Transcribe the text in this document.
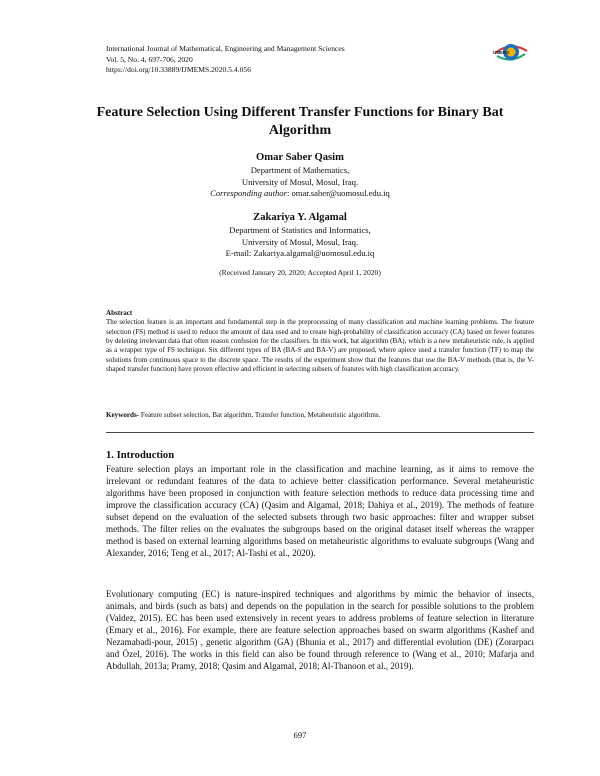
International Journal of Mathematical, Engineering and Management Sciences
Vol. 5, No. 4, 697-706, 2020
https://doi.org/10.33889/IJMEMS.2020.5.4.056
IJMEMS
Feature Selection Using Different Transfer Functions for Binary Bat Algorithm
Omar Saber Qasim
Department of Mathematics,
University of Mosul, Mosul, Iraq.
Corresponding author: omar.saber@uomosul.edu.iq
Zakariya Y. Algamal
Department of Statistics and Informatics,
University of Mosul, Mosul, Iraq.
E-mail: Zakariya.algamal@uomosul.edu.iq
(Received January 20, 2020; Accepted April 1, 2020)
Abstract
The selection feature is an important and fundamental step in the preprocessing of many classification and machine learning problems. The feature selection (FS) method is used to reduce the amount of data used and to create high-probability of classification accuracy (CA) based on fewer features by deleting irrelevant data that often reason confusion for the classifiers. In this work, bat algorithm (BA), which is a new metaheuristic rule, is applied as a wrapper type of FS technique. Six different types of BA (BA-S and BA-V) are proposed, where apiece used a transfer function (TF) to map the solutions from continuous space to the discrete space. The results of the experiment show that the features that use the BA-V methods (that is, the V-shaped transfer function) have proven effective and efficient in selecting subsets of features with high classification accuracy.
Keywords- Feature subset selection, Bat algorithm, Transfer function, Metaheuristic algorithms.
1. Introduction
Feature selection plays an important role in the classification and machine learning, as it aims to remove the irrelevant or redundant features of the data to achieve better classification performance. Several metaheuristic algorithms have been proposed in conjunction with feature selection methods to reduce data processing time and improve the classification accuracy (CA) (Qasim and Algamal, 2018; Dahiya et al., 2019). The methods of feature subset depend on the evaluation of the selected subsets through two basic approaches: filter and wrapper subset methods. The filter relies on the evaluates the subgroups based on the original dataset itself whereas the wrapper method is based on external learning algorithms based on metaheuristic algorithms to evaluate subgroups (Wang and Alexander, 2016; Teng et al., 2017; Al-Tashi et al., 2020).
Evolutionary computing (EC) is nature-inspired techniques and algorithms by mimic the behavior of insects, animals, and birds (such as bats) and depends on the population in the search for possible solutions to the problem (Valdez, 2015). EC has been used extensively in recent years to address problems of feature selection in literature (Emary et al., 2016). For example, there are feature selection approaches based on swarm algorithms (Kashef and Nezamabadi-pour, 2015) , genetic algorithm (GA) (Bhunia et al., 2017) and differential evolution (DE) (Zorarpacı and Özel, 2016). The works in this field can also be found through reference to (Wang et al., 2010; Mafarja and Abdullah, 2013a; Pramy, 2018; Qasim and Algamal, 2018; Al-Thanoon et al., 2019).
697
